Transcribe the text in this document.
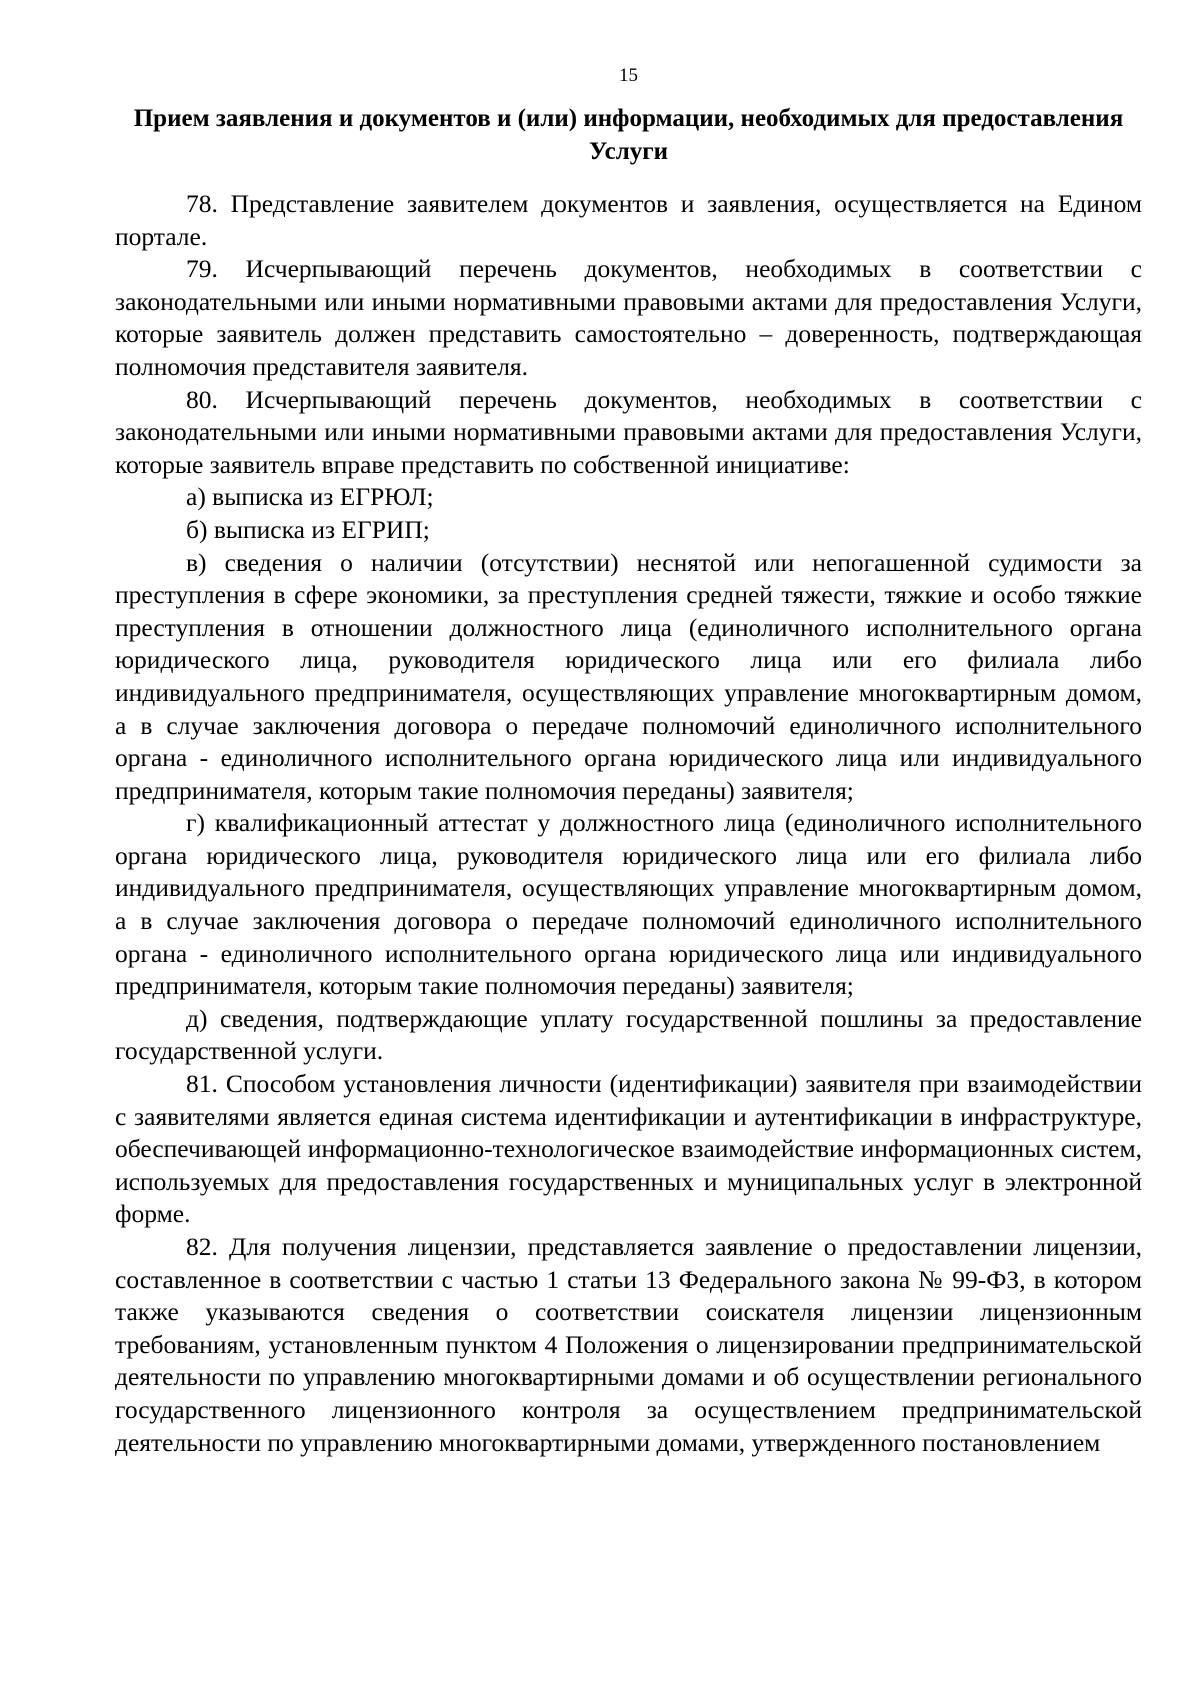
15
Прием заявления и документов и (или) информации, необходимых для предоставления Услуги

78. Представление заявителем документов и заявления, осуществляется на Едином портале.

79. Исчерпывающий перечень документов, необходимых в соответствии с законодательными или иными нормативными правовыми актами для предоставления Услуги, которые заявитель должен представить самостоятельно – доверенность, подтверждающая полномочия представителя заявителя.

80. Исчерпывающий перечень документов, необходимых в соответствии с законодательными или иными нормативными правовыми актами для предоставления Услуги, которые заявитель вправе представить по собственной инициативе:

а) выписка из ЕГРЮЛ;

б) выписка из ЕГРИП;

в) сведения о наличии (отсутствии) неснятой или непогашенной судимости за преступления в сфере экономики, за преступления средней тяжести, тяжкие и особо тяжкие преступления в отношении должностного лица (единоличного исполнительного органа юридического лица, руководителя юридического лица или его филиала либо индивидуального предпринимателя, осуществляющих управление многоквартирным домом, а в случае заключения договора о передаче полномочий единоличного исполнительного органа - единоличного исполнительного органа юридического лица или индивидуального предпринимателя, которым такие полномочия переданы) заявителя;

г) квалификационный аттестат у должностного лица (единоличного исполнительного органа юридического лица, руководителя юридического лица или его филиала либо индивидуального предпринимателя, осуществляющих управление многоквартирным домом, а в случае заключения договора о передаче полномочий единоличного исполнительного органа - единоличного исполнительного органа юридического лица или индивидуального предпринимателя, которым такие полномочия переданы) заявителя;

д) сведения, подтверждающие уплату государственной пошлины за предоставление государственной услуги.

81. Способом установления личности (идентификации) заявителя при взаимодействии с заявителями является единая система идентификации и аутентификации в инфраструктуре, обеспечивающей информационно-технологическое взаимодействие информационных систем, используемых для предоставления государственных и муниципальных услуг в электронной форме.

82. Для получения лицензии, представляется заявление о предоставлении лицензии, составленное в соответствии с частью 1 статьи 13 Федерального закона № 99-ФЗ, в котором также указываются сведения о соответствии соискателя лицензии лицензионным требованиям, установленным пунктом 4 Положения о лицензировании предпринимательской деятельности по управлению многоквартирными домами и об осуществлении регионального государственного лицензионного контроля за осуществлением предпринимательской деятельности по управлению многоквартирными домами, утвержденного постановлением
